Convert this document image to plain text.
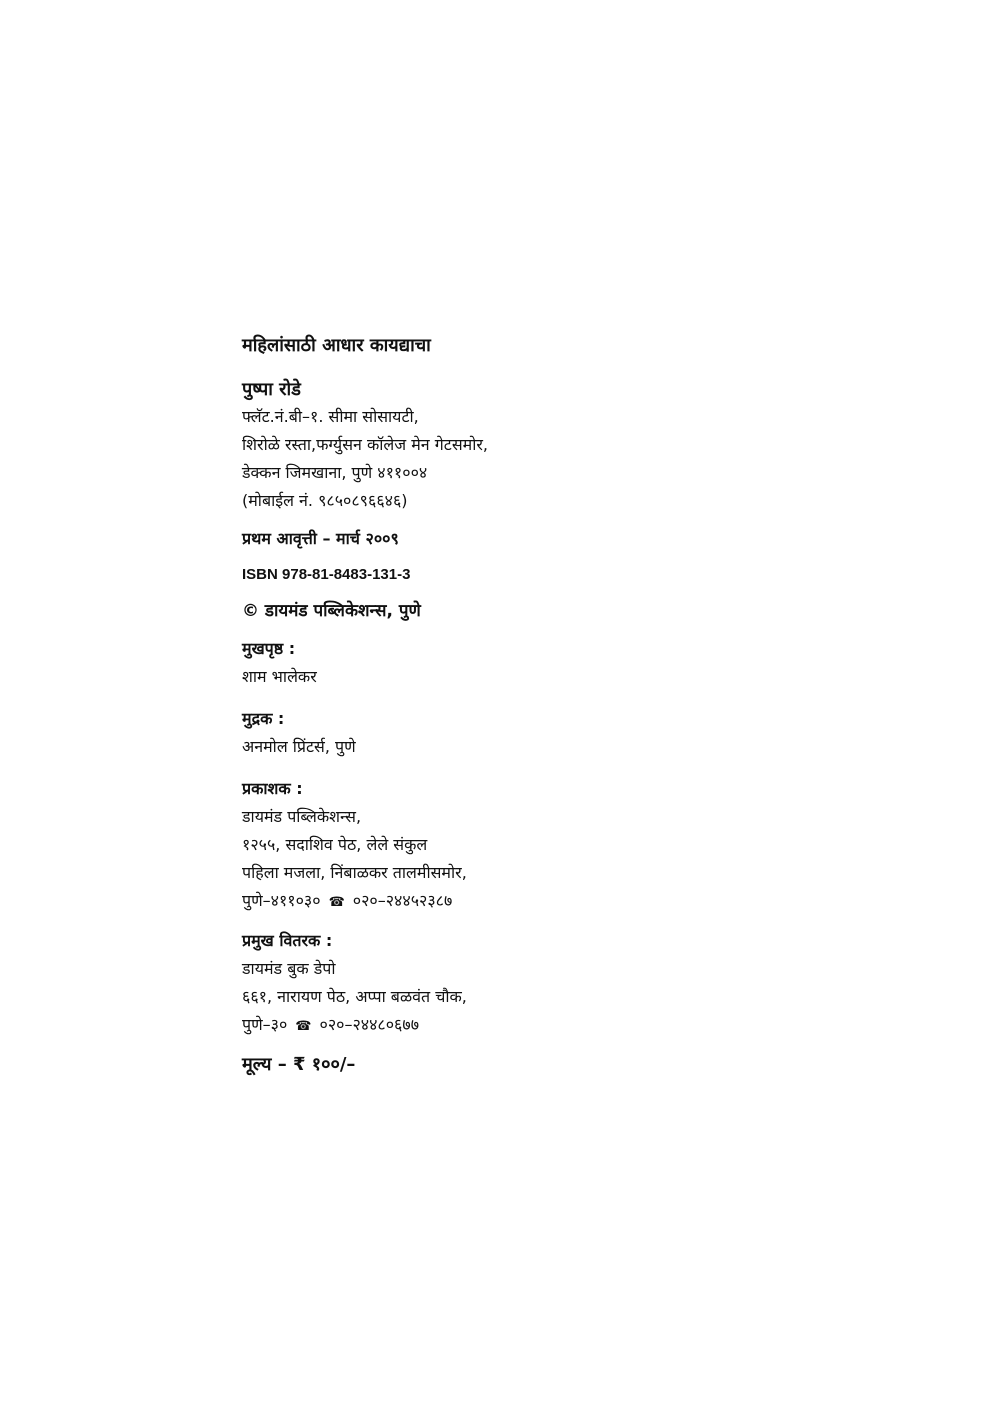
महिलांसाठी आधार कायद्याचा

पुष्पा रोडे

फ्लॅट.नं.बी–१. सीमा सोसायटी,

शिरोळे रस्ता,फर्ग्युसन कॉलेज मेन गेटसमोर,

डेक्कन जिमखाना, पुणे ४११००४

(मोबाईल नं. ९८५०८९६६४६)

प्रथम आवृत्ती – मार्च २००९

ISBN 978-81-8483-131-3

© डायमंड पब्लिकेशन्स, पुणे

मुखपृष्ठ :

शाम भालेकर

मुद्रक :

अनमोल प्रिंटर्स, पुणे

प्रकाशक :

डायमंड पब्लिकेशन्स,

१२५५, सदाशिव पेठ, लेले संकुल

पहिला मजला, निंबाळकर तालमीसमोर,

पुणे–४११०३० ☎ ०२०–२४४५२३८७

प्रमुख वितरक :

डायमंड बुक डेपो

६६१, नारायण पेठ, अप्पा बळवंत चौक,

पुणे–३० ☎ ०२०–२४४८०६७७

मूल्य – ₹ १००/–
